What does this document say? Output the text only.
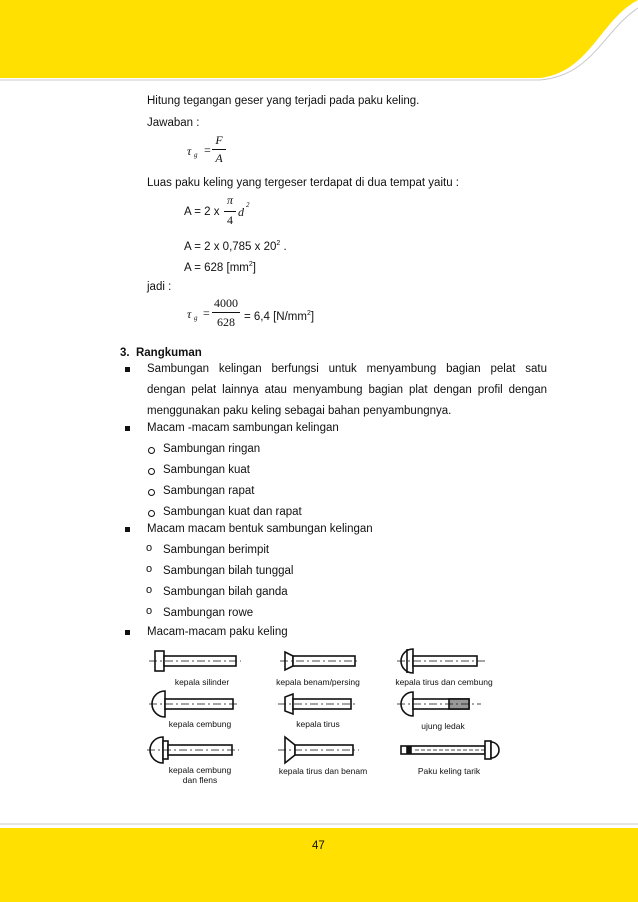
Hitung tegangan geser yang terjadi pada paku keling.
Jawaban :
τ g =
F
A
Luas paku keling yang tergeser terdapat di dua tempat yaitu :
A = 2 x
π
4
d 2
A = 2 x 0,785 x $20^2$ .
A = 628 $[mm^2]$
jadi :
τ g =
4000
628 = 6,4 $[N/mm^2]$
3. Rangkuman
Sambungan kelingan berfungsi untuk menyambung bagian pelat satu
dengan pelat lainnya atau menyambung bagian plat dengan profil dengan
menggunakan paku keling sebagai bahan penyambungnya.
Macam -macam sambungan kelingan
Sambungan ringan
Sambungan kuat
Sambungan rapat
Sambungan kuat dan rapat
Macam macam bentuk sambungan kelingan
o Sambungan berimpit
o Sambungan bilah tunggal
o Sambungan bilah ganda
o Sambungan rowe
Macam-macam paku keling
kepala silinder	kepala benam/persing	kepala tirus dan cembung
kepala cembung	kepala tirus	ujung ledak
kepala cembung
dan flens
kepala tirus dan benam	Paku keling tarik
47
